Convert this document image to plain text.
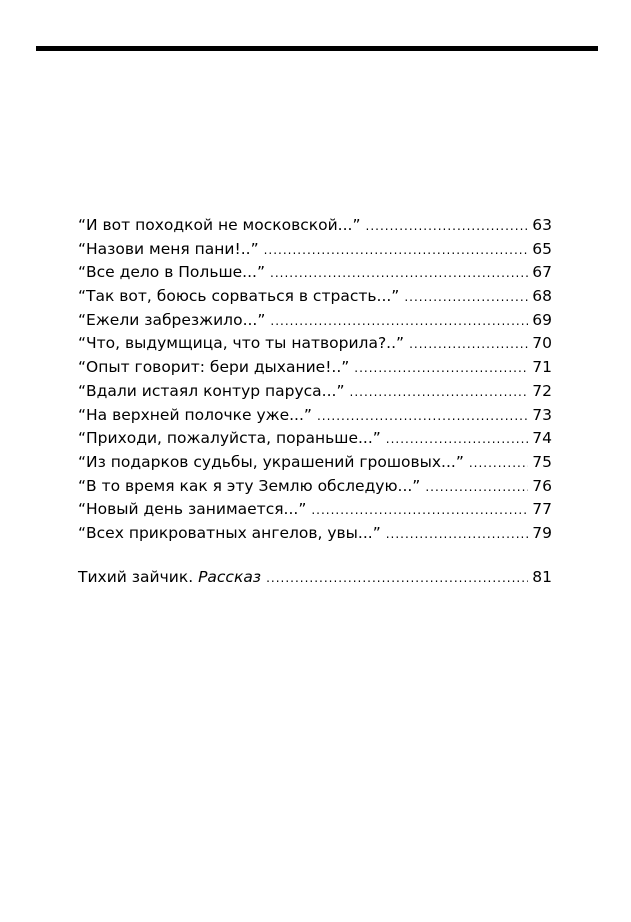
“И вот походкой не московской...” .....	63
“Назови меня пани!..” .....	65
“Все дело в Польше...” .....	67
“Так вот, боюсь сорваться в страсть...” .....	68
“Ежели забрезжило...” .....	69
“Что, выдумщица, что ты натворила?..” .....	70
“Опыт говорит: бери дыхание!..” .....	71
“Вдали истаял контур паруса...” .....	72
“На верхней полочке уже...” .....	73
“Приходи, пожалуйста, пораньше...” .....	74
“Из подарков судьбы, украшений грошовых...” .....	75
“В то время как я эту Землю обследую...” .....	76
“Новый день занимается...” .....	77
“Всех прикроватных ангелов, увы...” .....	79
Тихий зайчик. Рассказ .....	81
